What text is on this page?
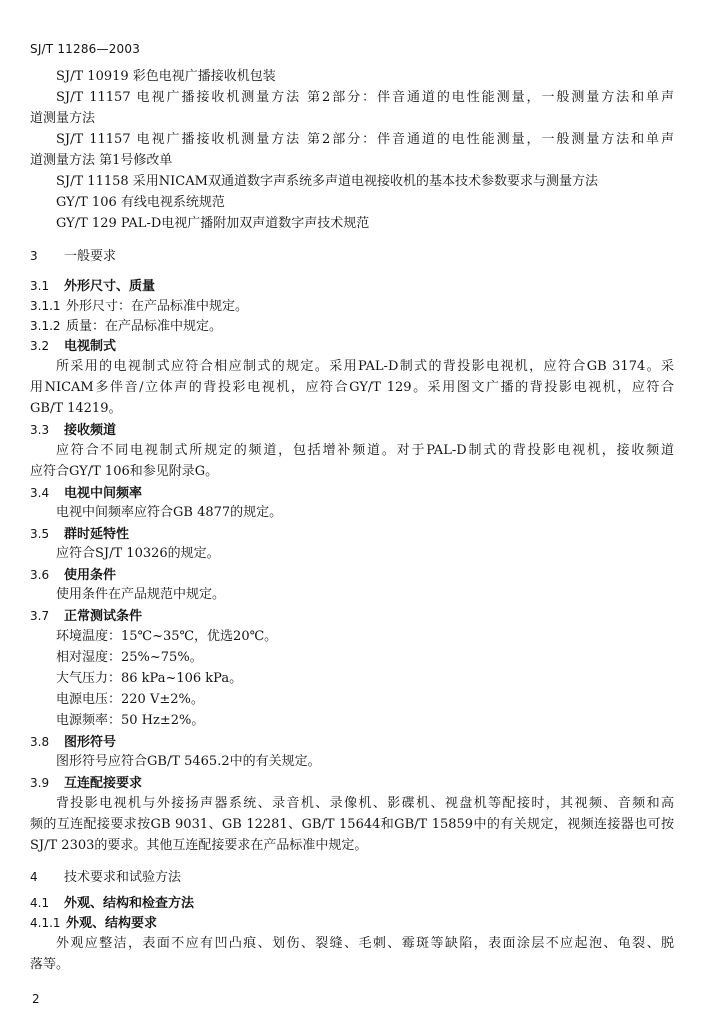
SJ/T 11286—2003
SJ/T 10919 彩色电视广播接收机包装
SJ/T 11157 电视广播接收机测量方法 第2部分：伴音通道的电性能测量，一般测量方法和单声
道测量方法
SJ/T 11157 电视广播接收机测量方法 第2部分：伴音通道的电性能测量，一般测量方法和单声
道测量方法 第1号修改单
SJ/T 11158 采用NICAM双通道数字声系统多声道电视接收机的基本技术参数要求与测量方法
GY/T 106 有线电视系统规范
GY/T 129 PAL-D电视广播附加双声道数字声技术规范
3 一般要求
3.1 外形尺寸、质量
3.1.1 外形尺寸：在产品标准中规定。
3.1.2 质量：在产品标准中规定。
3.2 电视制式
所采用的电视制式应符合相应制式的规定。采用PAL-D制式的背投影电视机，应符合GB 3174。采
用NICAM多伴音/立体声的背投彩电视机，应符合GY/T 129。采用图文广播的背投影电视机，应符合
GB/T 14219。
3.3 接收频道
应符合不同电视制式所规定的频道，包括增补频道。对于PAL-D制式的背投影电视机，接收频道
应符合GY/T 106和参见附录G。
3.4 电视中间频率
电视中间频率应符合GB 4877的规定。
3.5 群时延特性
应符合SJ/T 10326的规定。
3.6 使用条件
使用条件在产品规范中规定。
3.7 正常测试条件
环境温度：15℃~35℃，优选20℃。
相对湿度：25%~75%。
大气压力：86 kPa~106 kPa。
电源电压：220 V±2%。
电源频率：50 Hz±2%。
3.8 图形符号
图形符号应符合GB/T 5465.2中的有关规定。
3.9 互连配接要求
背投影电视机与外接扬声器系统、录音机、录像机、影碟机、视盘机等配接时，其视频、音频和高
频的互连配接要求按GB 9031、GB 12281、GB/T 15644和GB/T 15859中的有关规定，视频连接器也可按
SJ/T 2303的要求。其他互连配接要求在产品标准中规定。
4 技术要求和试验方法
4.1 外观、结构和检查方法
4.1.1 外观、结构要求
外观应整洁，表面不应有凹凸痕、划伤、裂缝、毛刺、霉斑等缺陷，表面涂层不应起泡、龟裂、脱
落等。
2
